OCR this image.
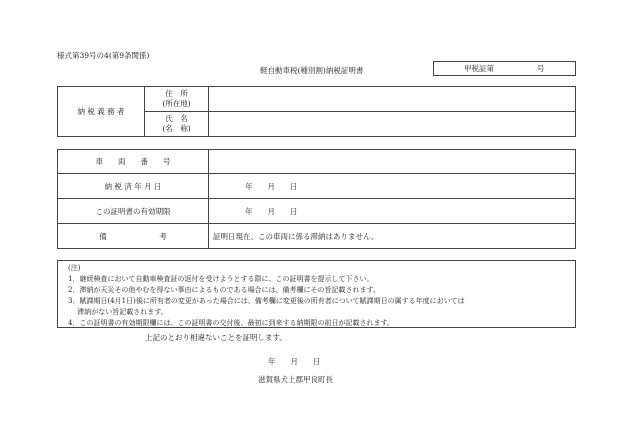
様式第39号の4(第9条関係)
軽自動車税(種別割)納税証明書	甲税証第	号
納 税 義 務 者	住　所
(所在地)	

	氏　名
(名　称)	

車　　両　　番　　号	
納 税 済 年 月 日	年　　月　　日
この証明書の有効期限	年　　月　　日
備　　　　　　　考	証明日現在、この車両に係る滞納はありません。
(注)
1．継続検査において自動車検査証の返付を受けようとする際に、この証明書を提示して下さい。
2．滞納が天災その他やむを得ない事由によるものである場合には、備考欄にその旨記載されます。
3．賦課期日(4月1日)後に所有者の変更があった場合には、備考欄に変更後の所有者について賦課期日の属する年度においては
　 滞納がない旨記載されます。
4．この証明書の有効期限欄には、この証明書の交付後、最初に到来する納期限の前日が記載されます。
上記のとおり相違ないことを証明します。
年　　月　　日
滋賀県犬上郡甲良町長
